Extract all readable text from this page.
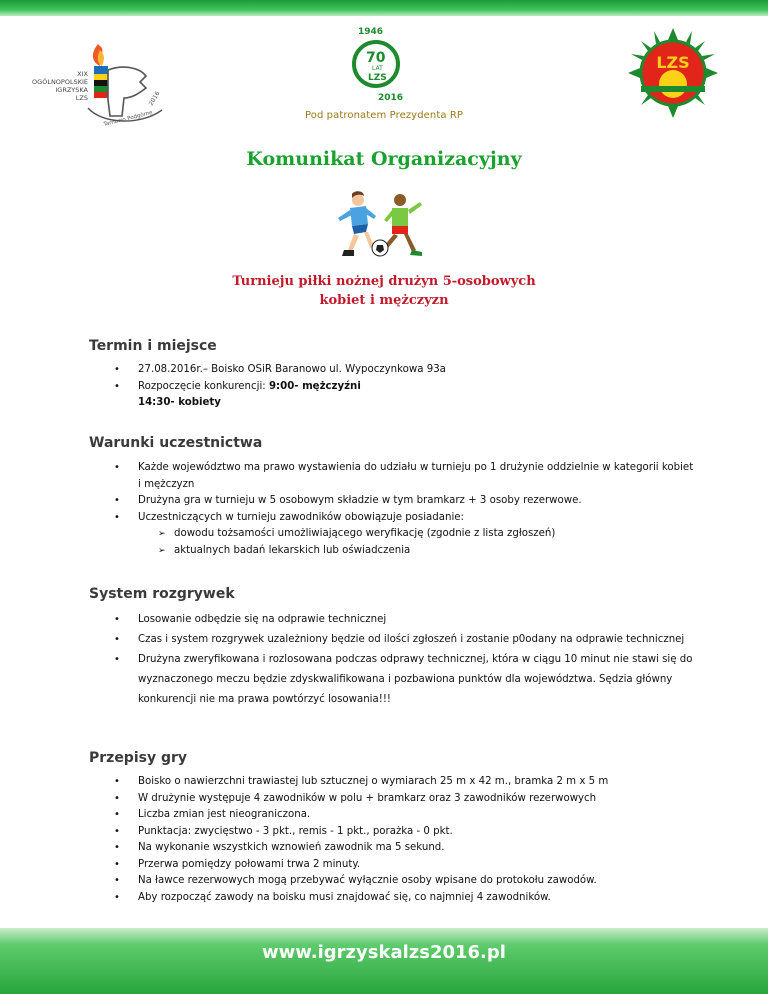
XIX
OGÓLNOPOLSKIE
IGRZYSKA
LZS	2016
Tarnowo Podgórne
1946
70
LAT
LZS
2016
LZS
Pod patronatem Prezydenta RP
Komunikat Organizacyjny
Turnieju piłki nożnej drużyn 5-osobowych
kobiet i mężczyzn
Termin i miejsce
• 27.08.2016r.– Boisko OSiR Baranowo ul. Wypoczynkowa 93a
• Rozpoczęcie konkurencji: 9:00- mężczyźni
14:30- kobiety
Warunki uczestnictwa
• Każde województwo ma prawo wystawienia do udziału w turnieju po 1 drużynie oddzielnie w kategorii kobiet i mężczyzn
• Drużyna gra w turnieju w 5 osobowym składzie w tym bramkarz + 3 osoby rezerwowe.
• Uczestniczących w turnieju zawodników obowiązuje posiadanie:
➢ dowodu tożsamości umożliwiającego weryfikację (zgodnie z lista zgłoszeń)
➢ aktualnych badań lekarskich lub oświadczenia
System rozgrywek
• Losowanie odbędzie się na odprawie technicznej
• Czas i system rozgrywek uzależniony będzie od ilości zgłoszeń i zostanie p0odany na odprawie technicznej
• Drużyna zweryfikowana i rozlosowana podczas odprawy technicznej, która w ciągu 10 minut nie stawi się do wyznaczonego meczu będzie zdyskwalifikowana i pozbawiona punktów dla województwa. Sędzia główny konkurencji nie ma prawa powtórzyć losowania!!!
Przepisy gry
• Boisko o nawierzchni trawiastej lub sztucznej o wymiarach 25 m x 42 m., bramka 2 m x 5 m
• W drużynie występuje 4 zawodników w polu + bramkarz oraz 3 zawodników rezerwowych
• Liczba zmian jest nieograniczona.
• Punktacja: zwycięstwo - 3 pkt., remis - 1 pkt., porażka - 0 pkt.
• Na wykonanie wszystkich wznowień zawodnik ma 5 sekund.
• Przerwa pomiędzy połowami trwa 2 minuty.
• Na ławce rezerwowych mogą przebywać wyłącznie osoby wpisane do protokołu zawodów.
• Aby rozpocząć zawody na boisku musi znajdować się, co najmniej 4 zawodników.
www.igrzyskalzs2016.pl
